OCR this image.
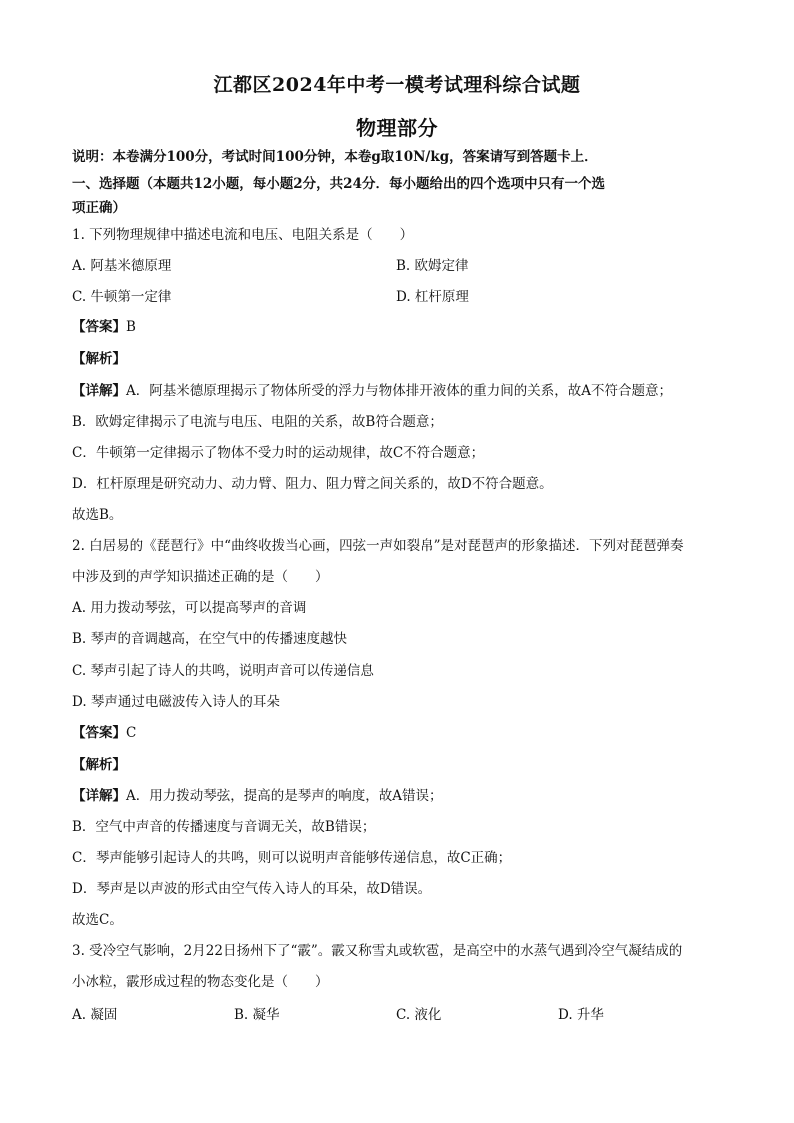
江都区2024年中考一模考试理科综合试题
物理部分
说明：本卷满分100分，考试时间100分钟，本卷g取10N/kg，答案请写到答题卡上．
一、选择题（本题共12小题，每小题2分，共24分．每小题给出的四个选项中只有一个选
项正确）
1. 下列物理规律中描述电流和电压、电阻关系是（　　）
A. 阿基米德原理	B. 欧姆定律
C. 牛顿第一定律	D. 杠杆原理
【答案】B
【解析】
【详解】A．阿基米德原理揭示了物体所受的浮力与物体排开液体的重力间的关系，故A不符合题意；
B．欧姆定律揭示了电流与电压、电阻的关系，故B符合题意；
C．牛顿第一定律揭示了物体不受力时的运动规律，故C不符合题意；
D．杠杆原理是研究动力、动力臂、阻力、阻力臂之间关系的，故D不符合题意。
故选B。
2. 白居易的《琵琶行》中“曲终收拨当心画，四弦一声如裂帛”是对琵琶声的形象描述．下列对琵琶弹奏
中涉及到的声学知识描述正确的是（　　）
A. 用力拨动琴弦，可以提高琴声的音调
B. 琴声的音调越高，在空气中的传播速度越快
C. 琴声引起了诗人的共鸣，说明声音可以传递信息
D. 琴声通过电磁波传入诗人的耳朵
【答案】C
【解析】
【详解】A．用力拨动琴弦，提高的是琴声的响度，故A错误；
B．空气中声音的传播速度与音调无关，故B错误；
C．琴声能够引起诗人的共鸣，则可以说明声音能够传递信息，故C正确；
D．琴声是以声波的形式由空气传入诗人的耳朵，故D错误。
故选C。
3. 受冷空气影响，2月22日扬州下了“霰”。霰又称雪丸或软雹，是高空中的水蒸气遇到冷空气凝结成的
小冰粒，霰形成过程的物态变化是（　　）
A. 凝固	B. 凝华	C. 液化	D. 升华
